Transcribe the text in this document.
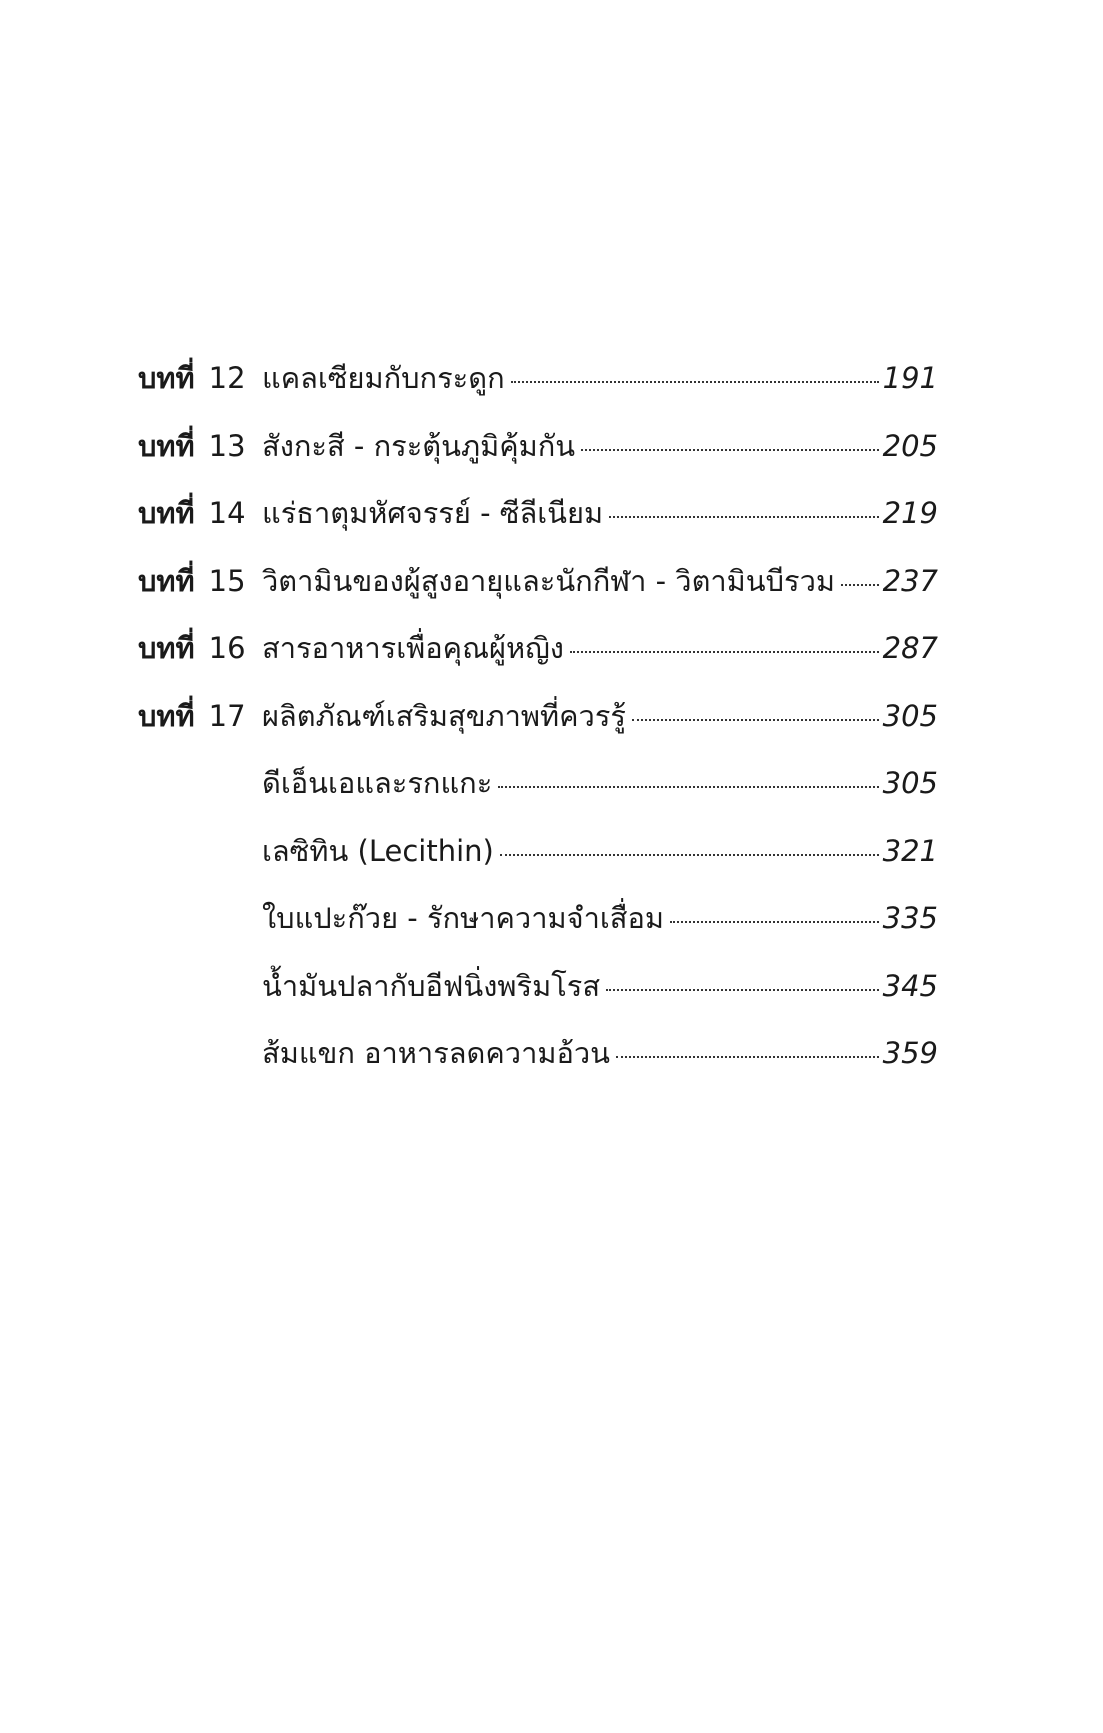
บทที่ 12 แคลเซียมกับกระดูก	191
บทที่ 13 สังกะสี - กระตุ้นภูมิคุ้มกัน	205
บทที่ 14 แร่ธาตุมหัศจรรย์ - ซีลีเนียม	219
บทที่ 15 วิตามินของผู้สูงอายุและนักกีฬา - วิตามินบีรวม 237
บทที่ 16 สารอาหารเพื่อคุณผู้หญิง	287
บทที่ 17 ผลิตภัณฑ์เสริมสุขภาพที่ควรรู้	305
ดีเอ็นเอและรกแกะ	305
เลซิทิน (Lecithin)	321
ใบแปะก๊วย - รักษาความจำเสื่อม	335
น้ำมันปลากับอีฟนิ่งพริมโรส	345
ส้มแขก อาหารลดความอ้วน	359
